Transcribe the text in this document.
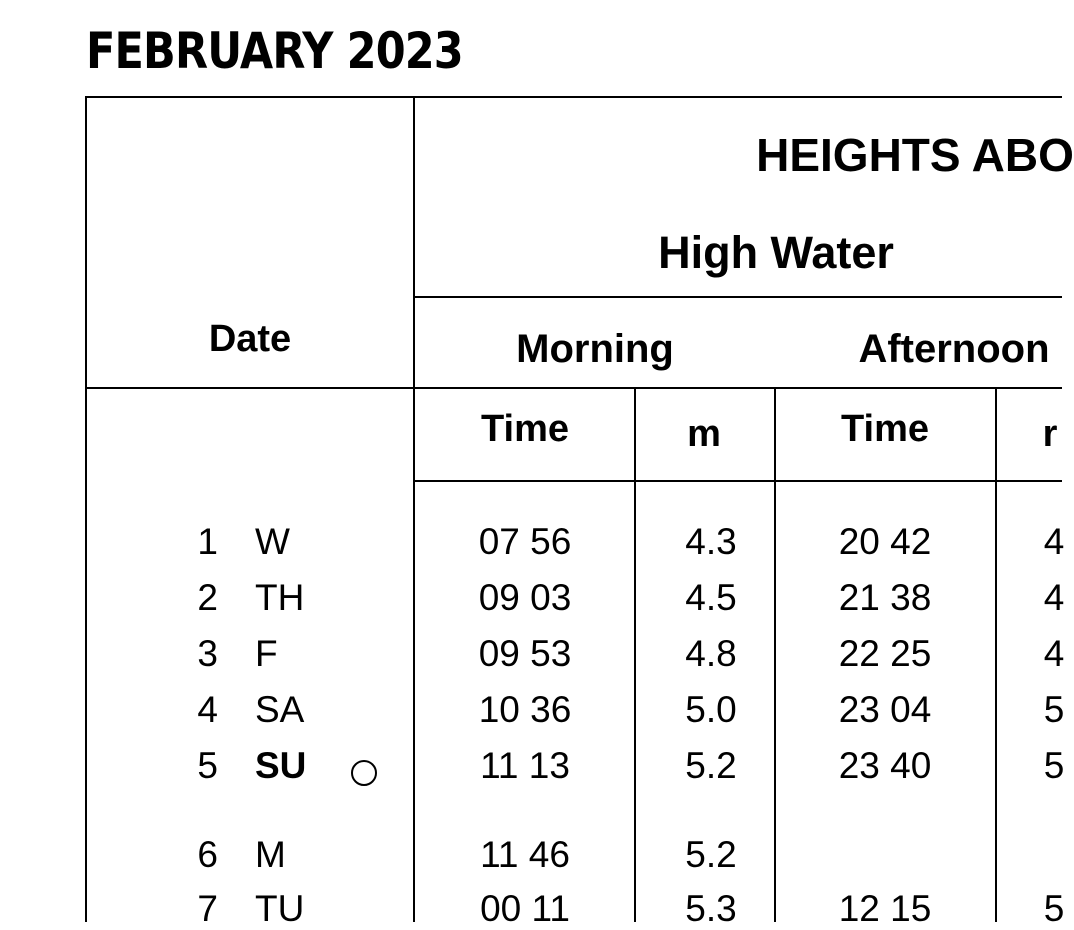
FEBRUARY 2023
HEIGHTS ABO
High Water
Date	Morning	Afternoon
Time	m	Time	r
1 W	07 56	4.3	20 42	4
2 TH	09 03	4.5	21 38	4
3 F	09 53	4.8	22 25	4
4 SA	10 36	5.0	23 04	5
5 SU	11 13	5.2	23 40	5
6 M	11 46	5.2
7 TU	00 11	5.3	12 15	5
